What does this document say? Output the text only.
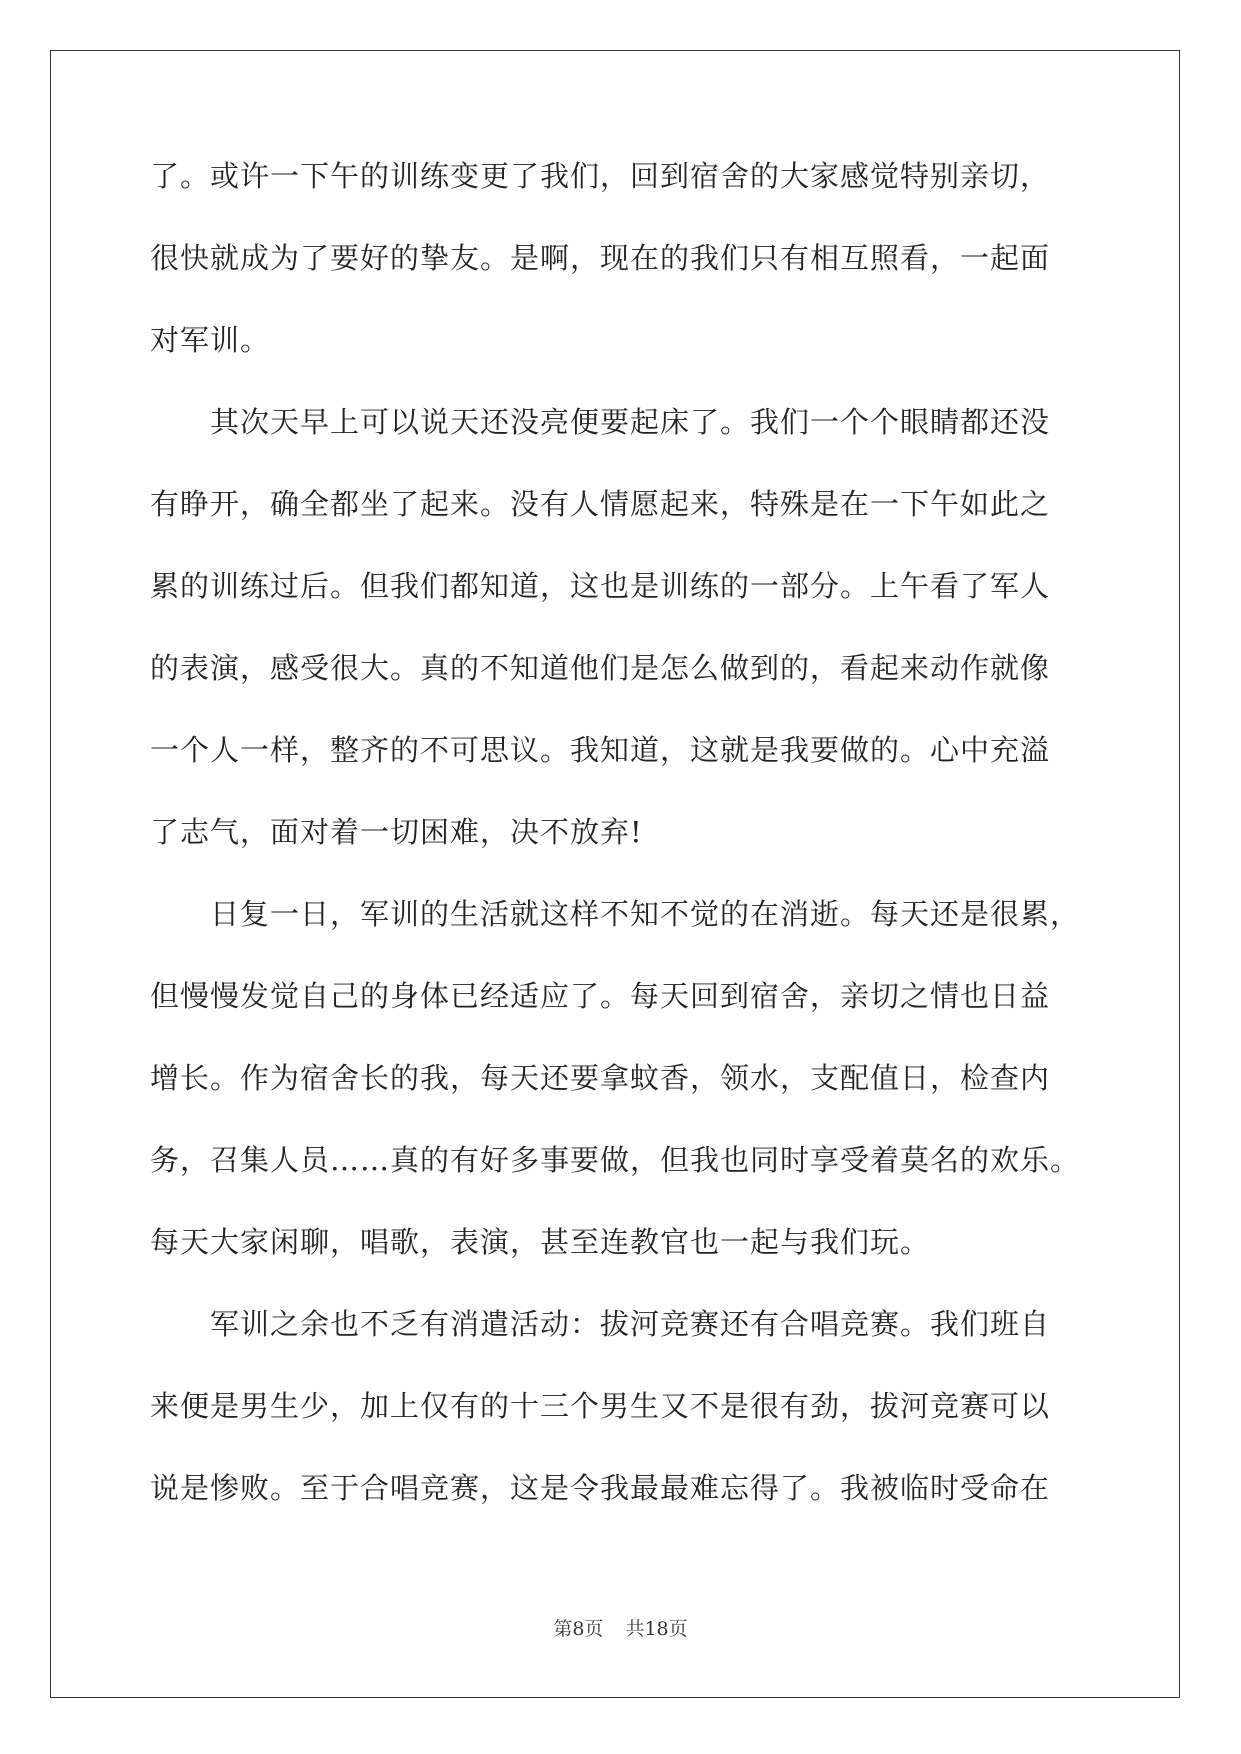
了。或许一下午的训练变更了我们，回到宿舍的大家感觉特别亲切，
很快就成为了要好的挚友。是啊，现在的我们只有相互照看，一起面
对军训。
　　其次天早上可以说天还没亮便要起床了。我们一个个眼睛都还没
有睁开，确全都坐了起来。没有人情愿起来，特殊是在一下午如此之
累的训练过后。但我们都知道，这也是训练的一部分。上午看了军人
的表演，感受很大。真的不知道他们是怎么做到的，看起来动作就像
一个人一样，整齐的不可思议。我知道，这就是我要做的。心中充溢
了志气，面对着一切困难，决不放弃!
　　日复一日，军训的生活就这样不知不觉的在消逝。每天还是很累，
但慢慢发觉自己的身体已经适应了。每天回到宿舍，亲切之情也日益
增长。作为宿舍长的我，每天还要拿蚊香，领水，支配值日，检查内
务，召集人员……真的有好多事要做，但我也同时享受着莫名的欢乐。
每天大家闲聊，唱歌，表演，甚至连教官也一起与我们玩。
　　军训之余也不乏有消遣活动：拔河竞赛还有合唱竞赛。我们班自
来便是男生少，加上仅有的十三个男生又不是很有劲，拔河竞赛可以
说是惨败。至于合唱竞赛，这是令我最最难忘得了。我被临时受命在
第8页 共18页
